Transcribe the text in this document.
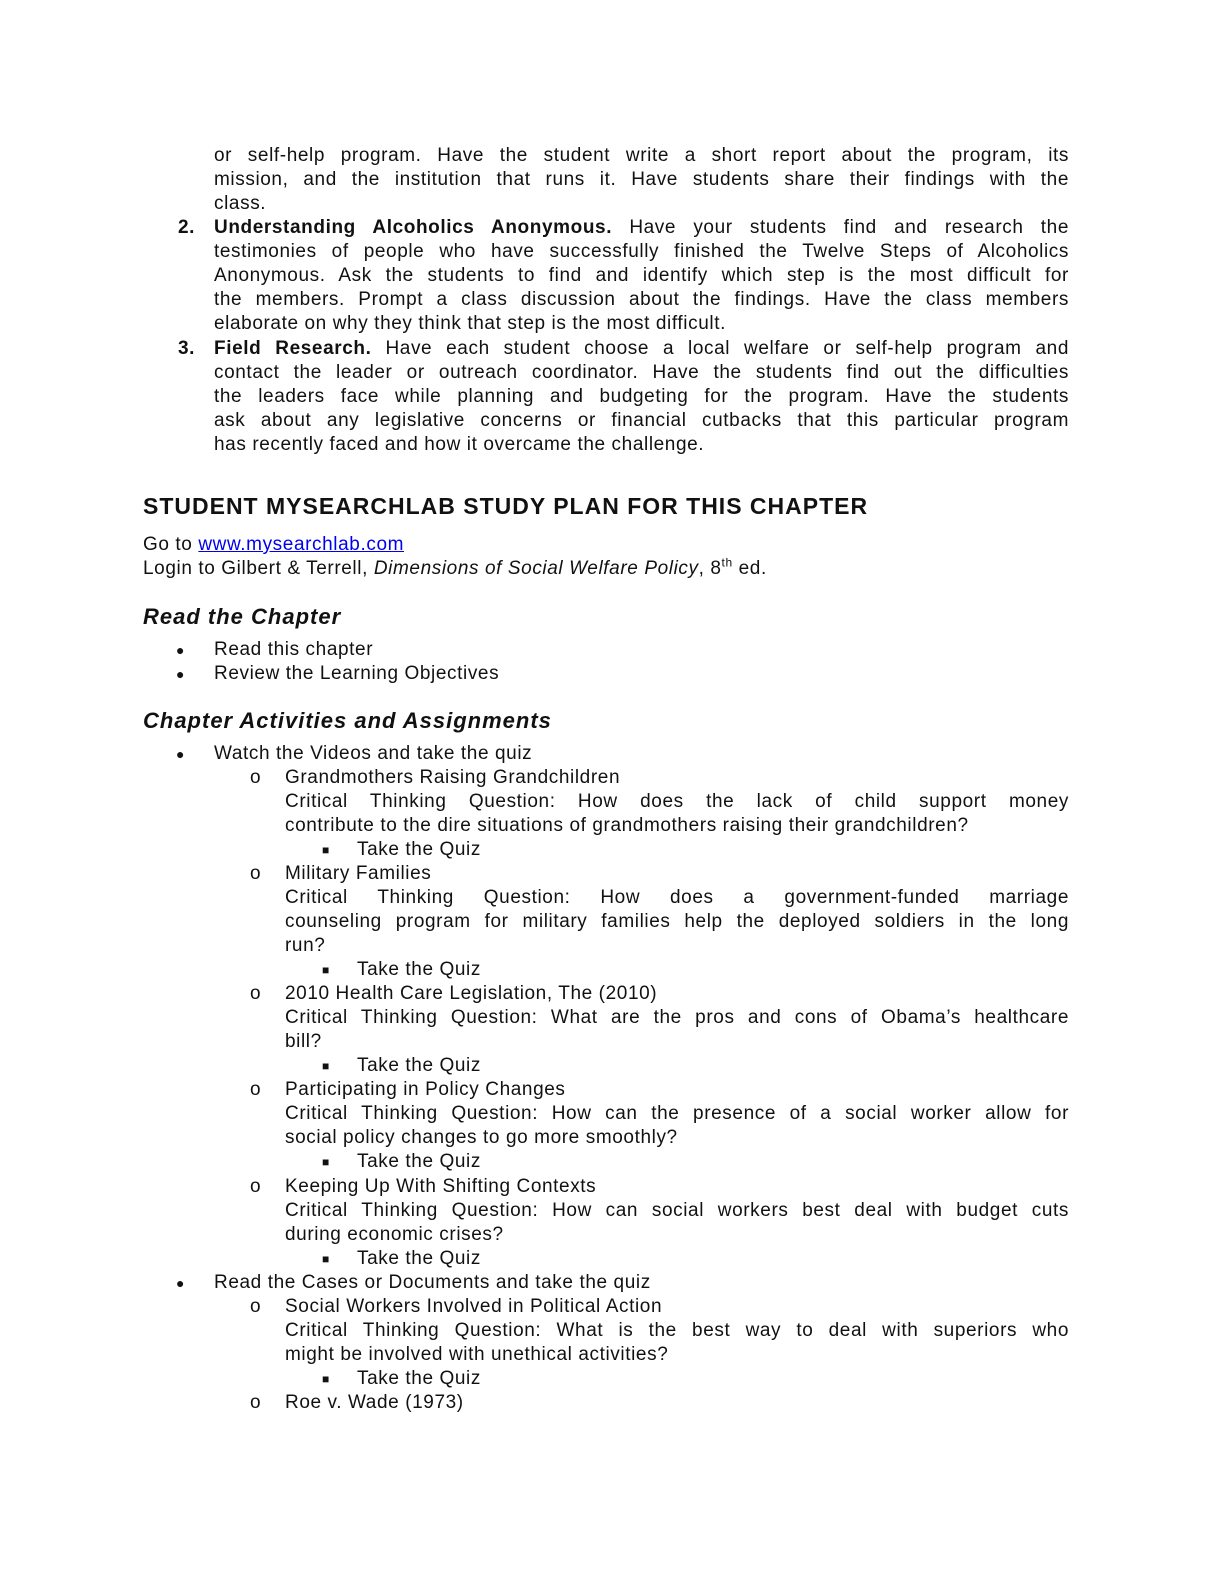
or self-help program. Have the student write a short report about the program, its
mission, and the institution that runs it. Have students share their findings with the
class.
2. Understanding Alcoholics Anonymous. Have your students find and research the
testimonies of people who have successfully finished the Twelve Steps of Alcoholics
Anonymous. Ask the students to find and identify which step is the most difficult for
the members. Prompt a class discussion about the findings. Have the class members
elaborate on why they think that step is the most difficult.
3. Field Research. Have each student choose a local welfare or self-help program and
contact the leader or outreach coordinator. Have the students find out the difficulties
the leaders face while planning and budgeting for the program. Have the students
ask about any legislative concerns or financial cutbacks that this particular program
has recently faced and how it overcame the challenge.
STUDENT MYSEARCHLAB STUDY PLAN FOR THIS CHAPTER
Go to www.mysearchlab.com
Login to Gilbert & Terrell, Dimensions of Social Welfare Policy, 8th ed.
Read the Chapter
● Read this chapter
● Review the Learning Objectives
Chapter Activities and Assignments
● Watch the Videos and take the quiz
o Grandmothers Raising Grandchildren
Critical Thinking Question: How does the lack of child support money
contribute to the dire situations of grandmothers raising their grandchildren?
■ Take the Quiz
o Military Families
Critical Thinking Question: How does a government-funded marriage
counseling program for military families help the deployed soldiers in the long
run?
■ Take the Quiz
o 2010 Health Care Legislation, The (2010)
Critical Thinking Question: What are the pros and cons of Obama’s healthcare
bill?
■ Take the Quiz
o Participating in Policy Changes
Critical Thinking Question: How can the presence of a social worker allow for
social policy changes to go more smoothly?
■ Take the Quiz
o Keeping Up With Shifting Contexts
Critical Thinking Question: How can social workers best deal with budget cuts
during economic crises?
■ Take the Quiz
● Read the Cases or Documents and take the quiz
o Social Workers Involved in Political Action
Critical Thinking Question: What is the best way to deal with superiors who
might be involved with unethical activities?
■ Take the Quiz
o Roe v. Wade (1973)
